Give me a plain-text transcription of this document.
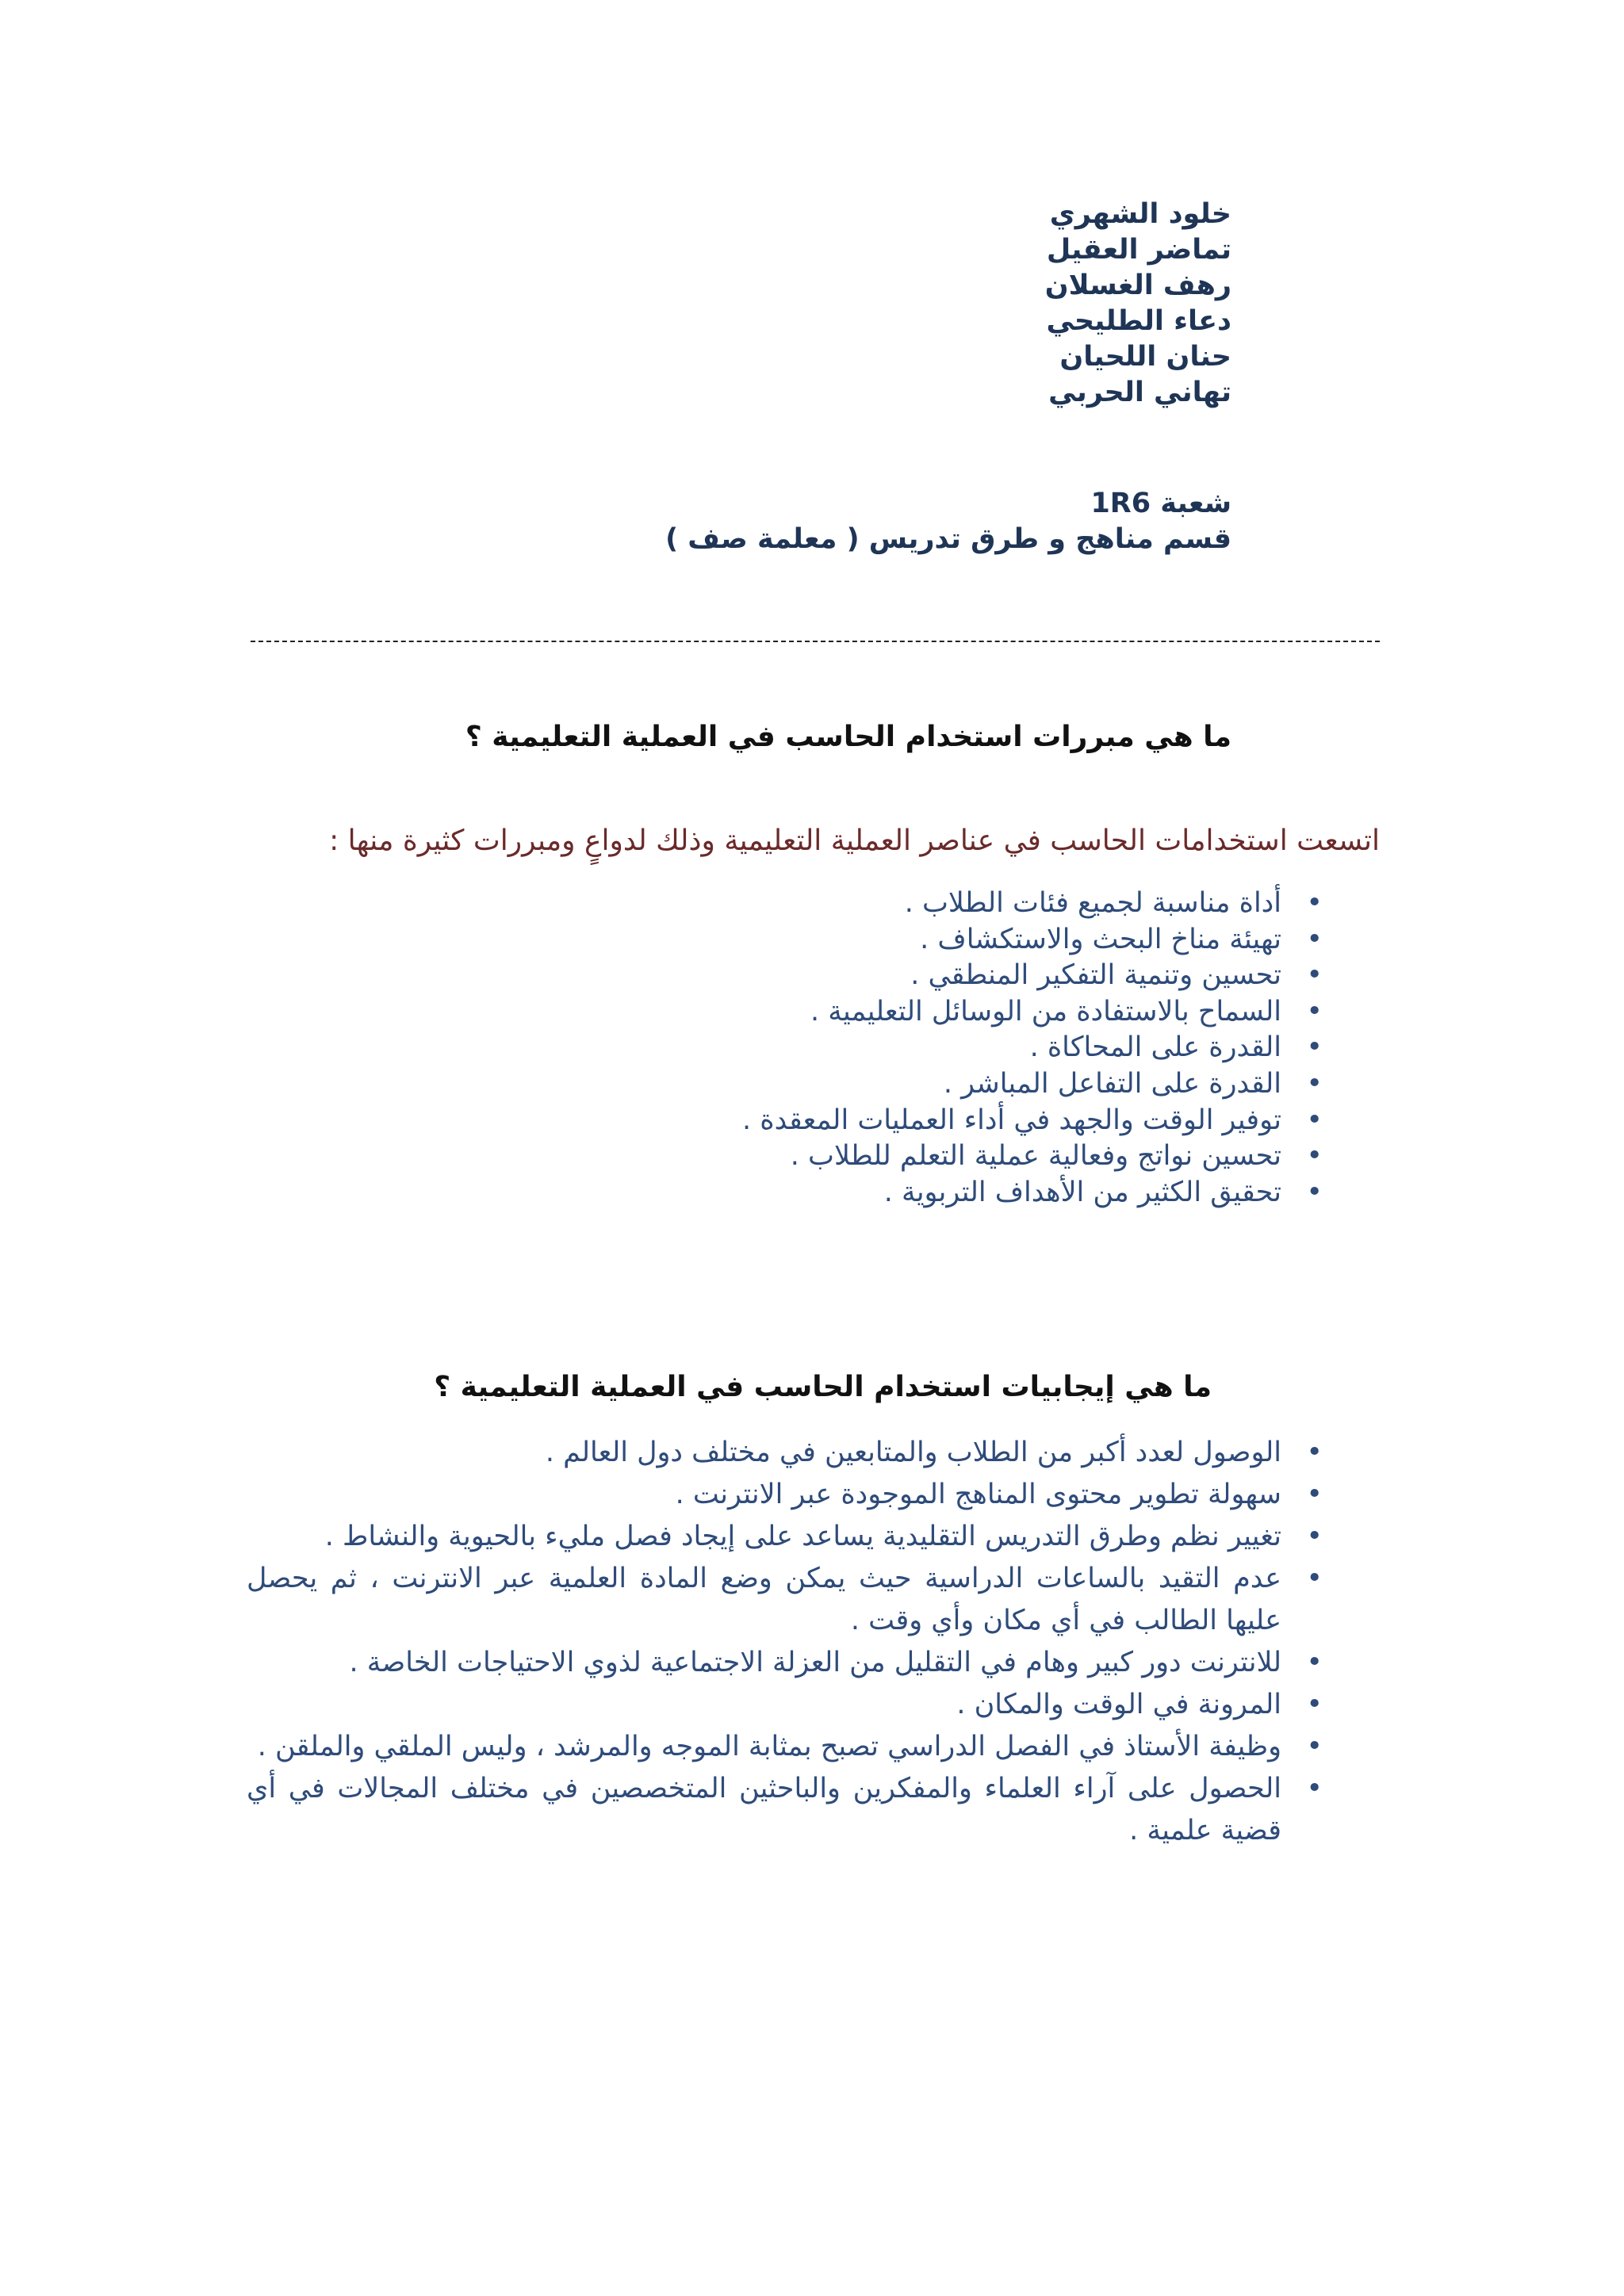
خلود الشهري
تماضر العقيل
رهف الغسلان
دعاء الطليحي
حنان اللحيان
تهاني الحربي
شعبة 1R6
قسم مناهج و طرق تدريس ( معلمة صف )
ما هي مبررات استخدام الحاسب في العملية التعليمية ؟
اتسعت استخدامات الحاسب في عناصر العملية التعليمية وذلك لدواعٍ ومبررات كثيرة منها :
•
أداة مناسبة لجميع فئات الطلاب .
•
تهيئة مناخ البحث والاستكشاف .
•
تحسين وتنمية التفكير المنطقي .
•
السماح بالاستفادة من الوسائل التعليمية .
•
القدرة على المحاكاة .
•
القدرة على التفاعل المباشر .
•
توفير الوقت والجهد في أداء العمليات المعقدة .
•
تحسين نواتج وفعالية عملية التعلم للطلاب .
•
تحقيق الكثير من الأهداف التربوية .
ما هي إيجابيات استخدام الحاسب في العملية التعليمية ؟
•
الوصول لعدد أكبر من الطلاب والمتابعين في مختلف دول العالم .
•
سهولة تطوير محتوى المناهج الموجودة عبر الانترنت .
•
تغيير نظم وطرق التدريس التقليدية يساعد على إيجاد فصل مليء بالحيوية والنشاط .
•
عدم التقيد بالساعات الدراسية حيث يمكن وضع المادة العلمية عبر الانترنت ، ثم يحصل عليها الطالب في أي مكان وأي وقت .
•
للانترنت دور كبير وهام في التقليل من العزلة الاجتماعية لذوي الاحتياجات الخاصة .
•
المرونة في الوقت والمكان .
•
وظيفة الأستاذ في الفصل الدراسي تصبح بمثابة الموجه والمرشد ، وليس الملقي والملقن .
•
الحصول على آراء العلماء والمفكرين والباحثين المتخصصين في مختلف المجالات في أي قضية علمية .
